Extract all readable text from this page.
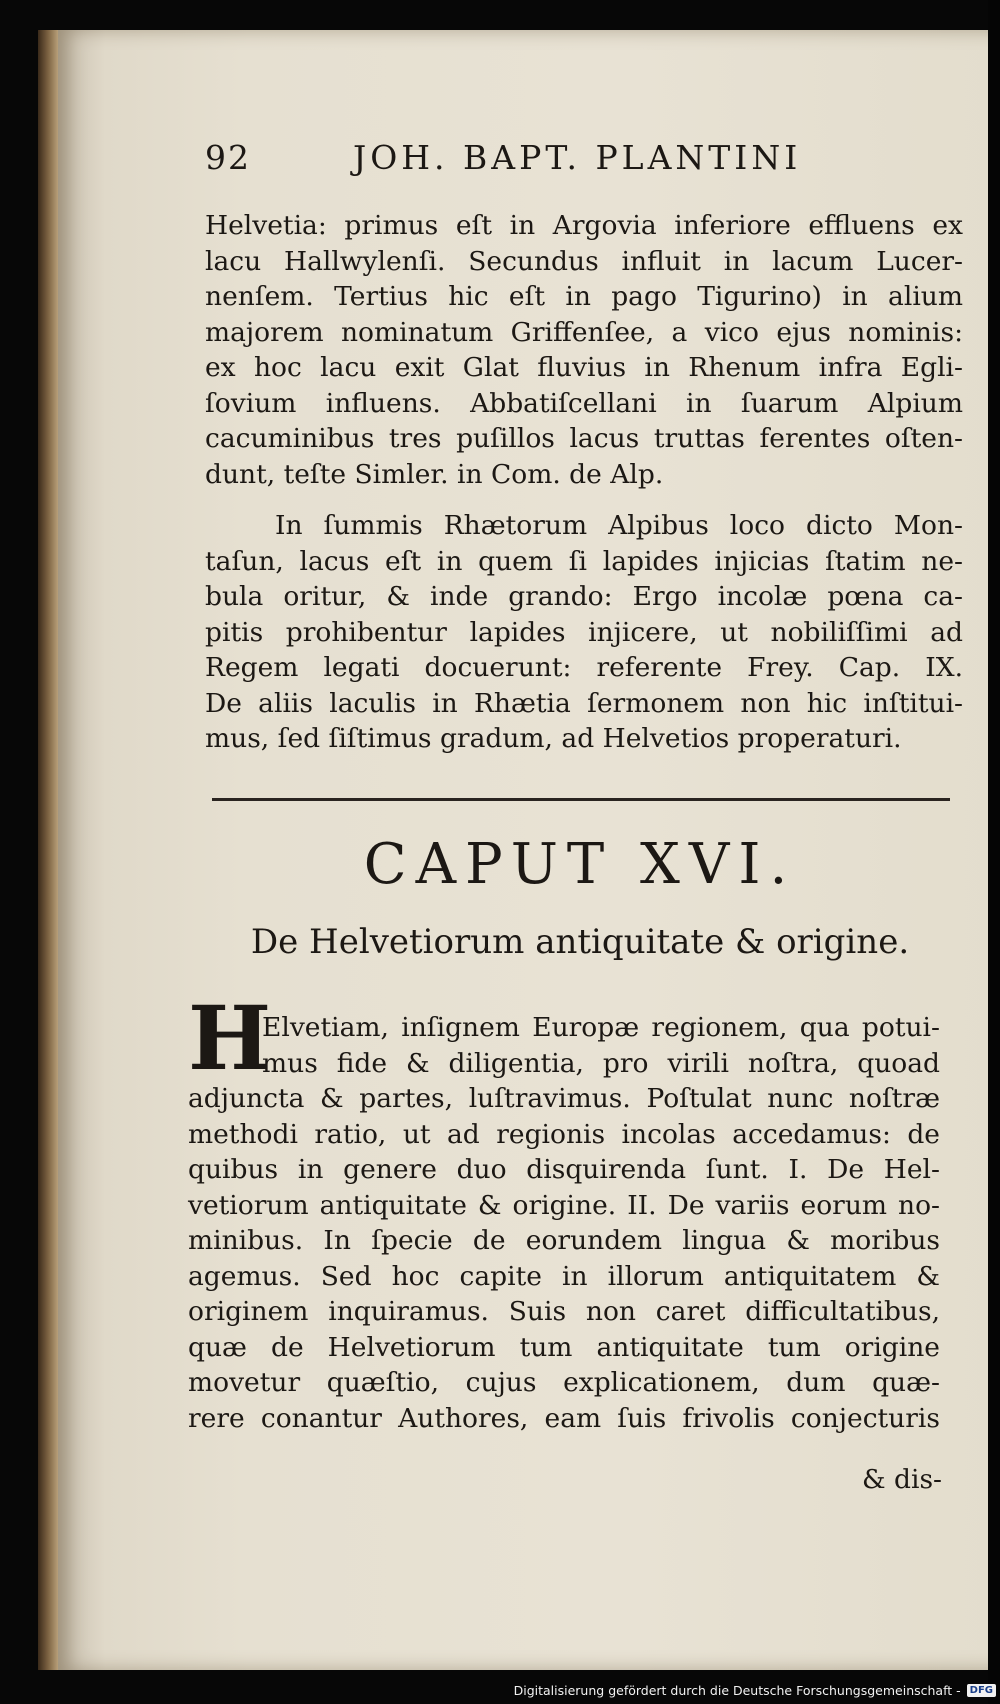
92	JOH. BAPT. PLANTINI

Helvetia: primus eſt in Argovia inferiore effluens ex

lacu Hallwylenſi. Secundus influit in lacum Lucer-

nenſem. Tertius hic eſt in pago Tigurino) in alium

majorem nominatum Griffenſee, a vico ejus nominis:

ex hoc lacu exit Glat fluvius in Rhenum infra Egli-

ſovium influens. Abbatiſcellani in ſuarum Alpium

cacuminibus tres puſillos lacus truttas ferentes oſten-

dunt, teſte Simler. in Com. de Alp.

In ſummis Rhætorum Alpibus loco dicto Mon-

taſun, lacus eſt in quem ſi lapides injicias ſtatim ne-

bula oritur, & inde grando: Ergo incolæ pœna ca-

pitis prohibentur lapides injicere, ut nobiliſſimi ad

Regem legati docuerunt: referente Frey. Cap. IX.

De aliis laculis in Rhætia ſermonem non hic inſtitui-

mus, ſed ſiſtimus gradum, ad Helvetios properaturi.

CAPUT XVI.
De Helvetiorum antiquitate & origine.
H

Elvetiam, inſignem Europæ regionem, qua potui-

mus fide & diligentia, pro virili noſtra, quoad

adjuncta & partes, luſtravimus. Poſtulat nunc noſtræ

methodi ratio, ut ad regionis incolas accedamus: de

quibus in genere duo disquirenda ſunt. I. De Hel-

vetiorum antiquitate & origine. II. De variis eorum no-

minibus. In ſpecie de eorundem lingua & moribus

agemus. Sed hoc capite in illorum antiquitatem &

originem inquiramus. Suis non caret difficultatibus,

quæ de Helvetiorum tum antiquitate tum origine

movetur quæſtio, cujus explicationem, dum quæ-

rere conantur Authores, eam ſuis frivolis conjecturis

& dis-
Digitalisierung gefördert durch die Deutsche Forschungsgemeinschaft - DFG
